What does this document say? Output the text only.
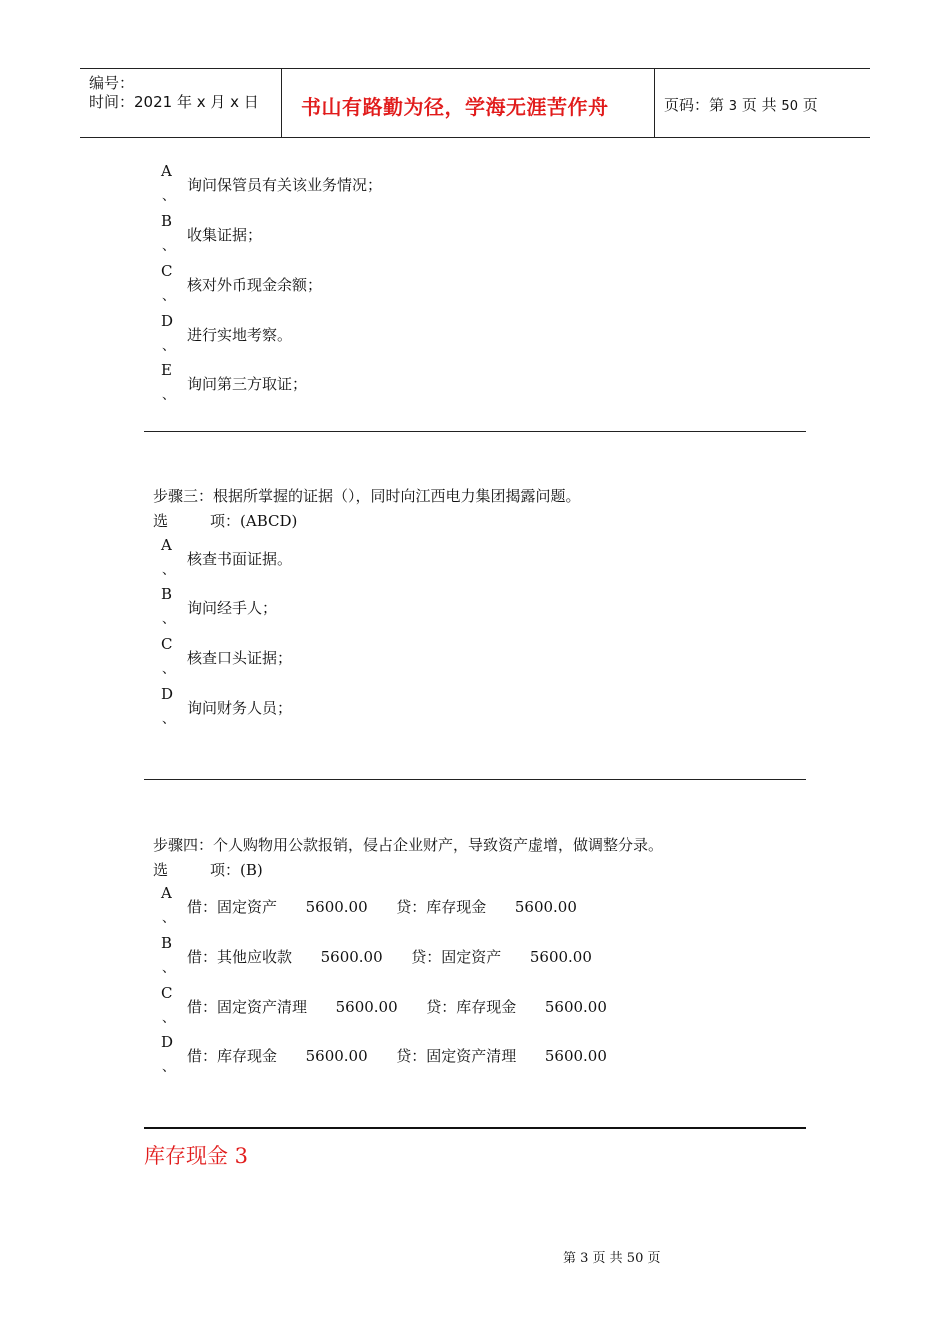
编号：
时间：2021 年 x 月 x 日 书山有路勤为径，学海无涯苦作舟	页码：第 3 页 共 50 页
A
、
询问保管员有关该业务情况；
B
、
收集证据；
C
、
核对外币现金余额；
D
、
进行实地考察。
E
、
询问第三方取证；
步骤三：根据所掌握的证据（），同时向江西电力集团揭露问题。
选	项：(ABCD)
A
、
核查书面证据。
B
、
询问经手人；
C
、
核查口头证据；
D
、
询问财务人员；
步骤四：个人购物用公款报销，侵占企业财产，导致资产虚增，做调整分录。
选	项：(B)
A
、
借：固定资产      5600.00      贷：库存现金      5600.00
B
、
借：其他应收款      5600.00      贷：固定资产      5600.00
C
、
借：固定资产清理      5600.00      贷：库存现金      5600.00
D
、
借：库存现金      5600.00      贷：固定资产清理      5600.00
库存现金 3
第 3 页 共 50 页
